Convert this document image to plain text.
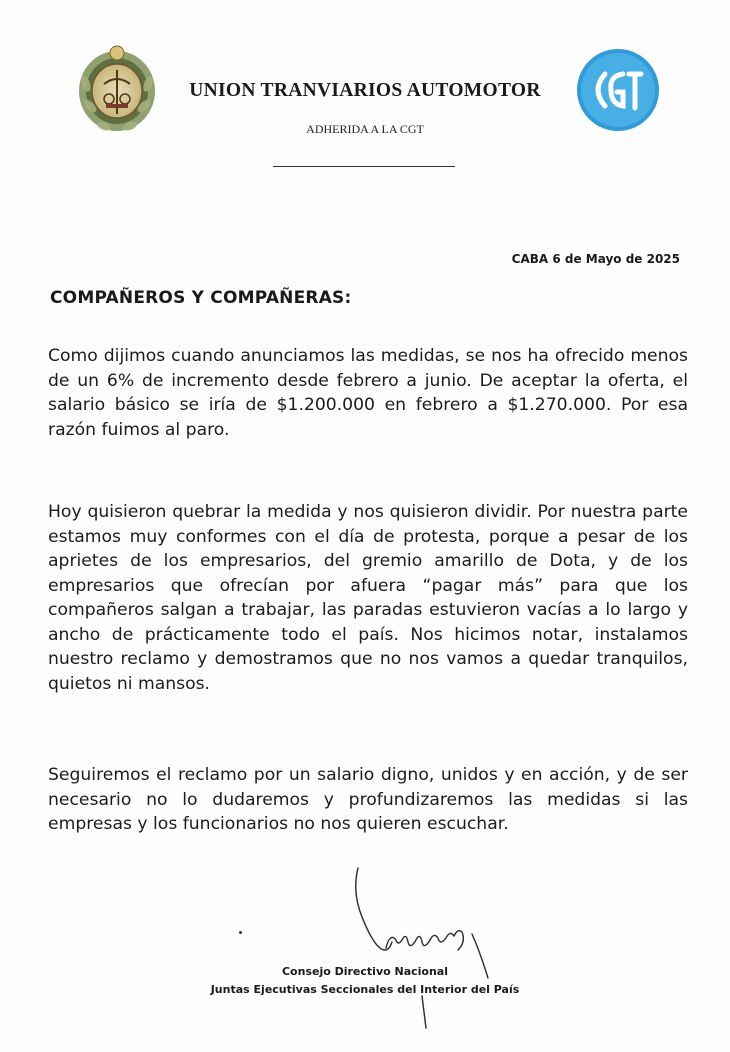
UNION TRANVIARIOS AUTOMOTOR
ADHERIDA A LA CGT
CABA 6 de Mayo de 2025
COMPAÑEROS Y COMPAÑERAS:
Como dijimos cuando anunciamos las medidas, se nos ha ofrecido menos de un 6% de incremento desde febrero a junio. De aceptar la oferta, el salario básico se iría de $1.200.000 en febrero a $1.270.000. Por esa razón fuimos al paro.
Hoy quisieron quebrar la medida y nos quisieron dividir. Por nuestra parte estamos muy conformes con el día de protesta, porque a pesar de los aprietes de los empresarios, del gremio amarillo de Dota, y de los empresarios que ofrecían por afuera “pagar más” para que los compañeros salgan a trabajar, las paradas estuvieron vacías a lo largo y ancho de prácticamente todo el país. Nos hicimos notar, instalamos nuestro reclamo y demostramos que no nos vamos a quedar tranquilos, quietos ni mansos.
Seguiremos el reclamo por un salario digno, unidos y en acción, y de ser necesario no lo dudaremos y profundizaremos las medidas si las empresas y los funcionarios no nos quieren escuchar.
Consejo Directivo Nacional
Juntas Ejecutivas Seccionales del Interior del País
